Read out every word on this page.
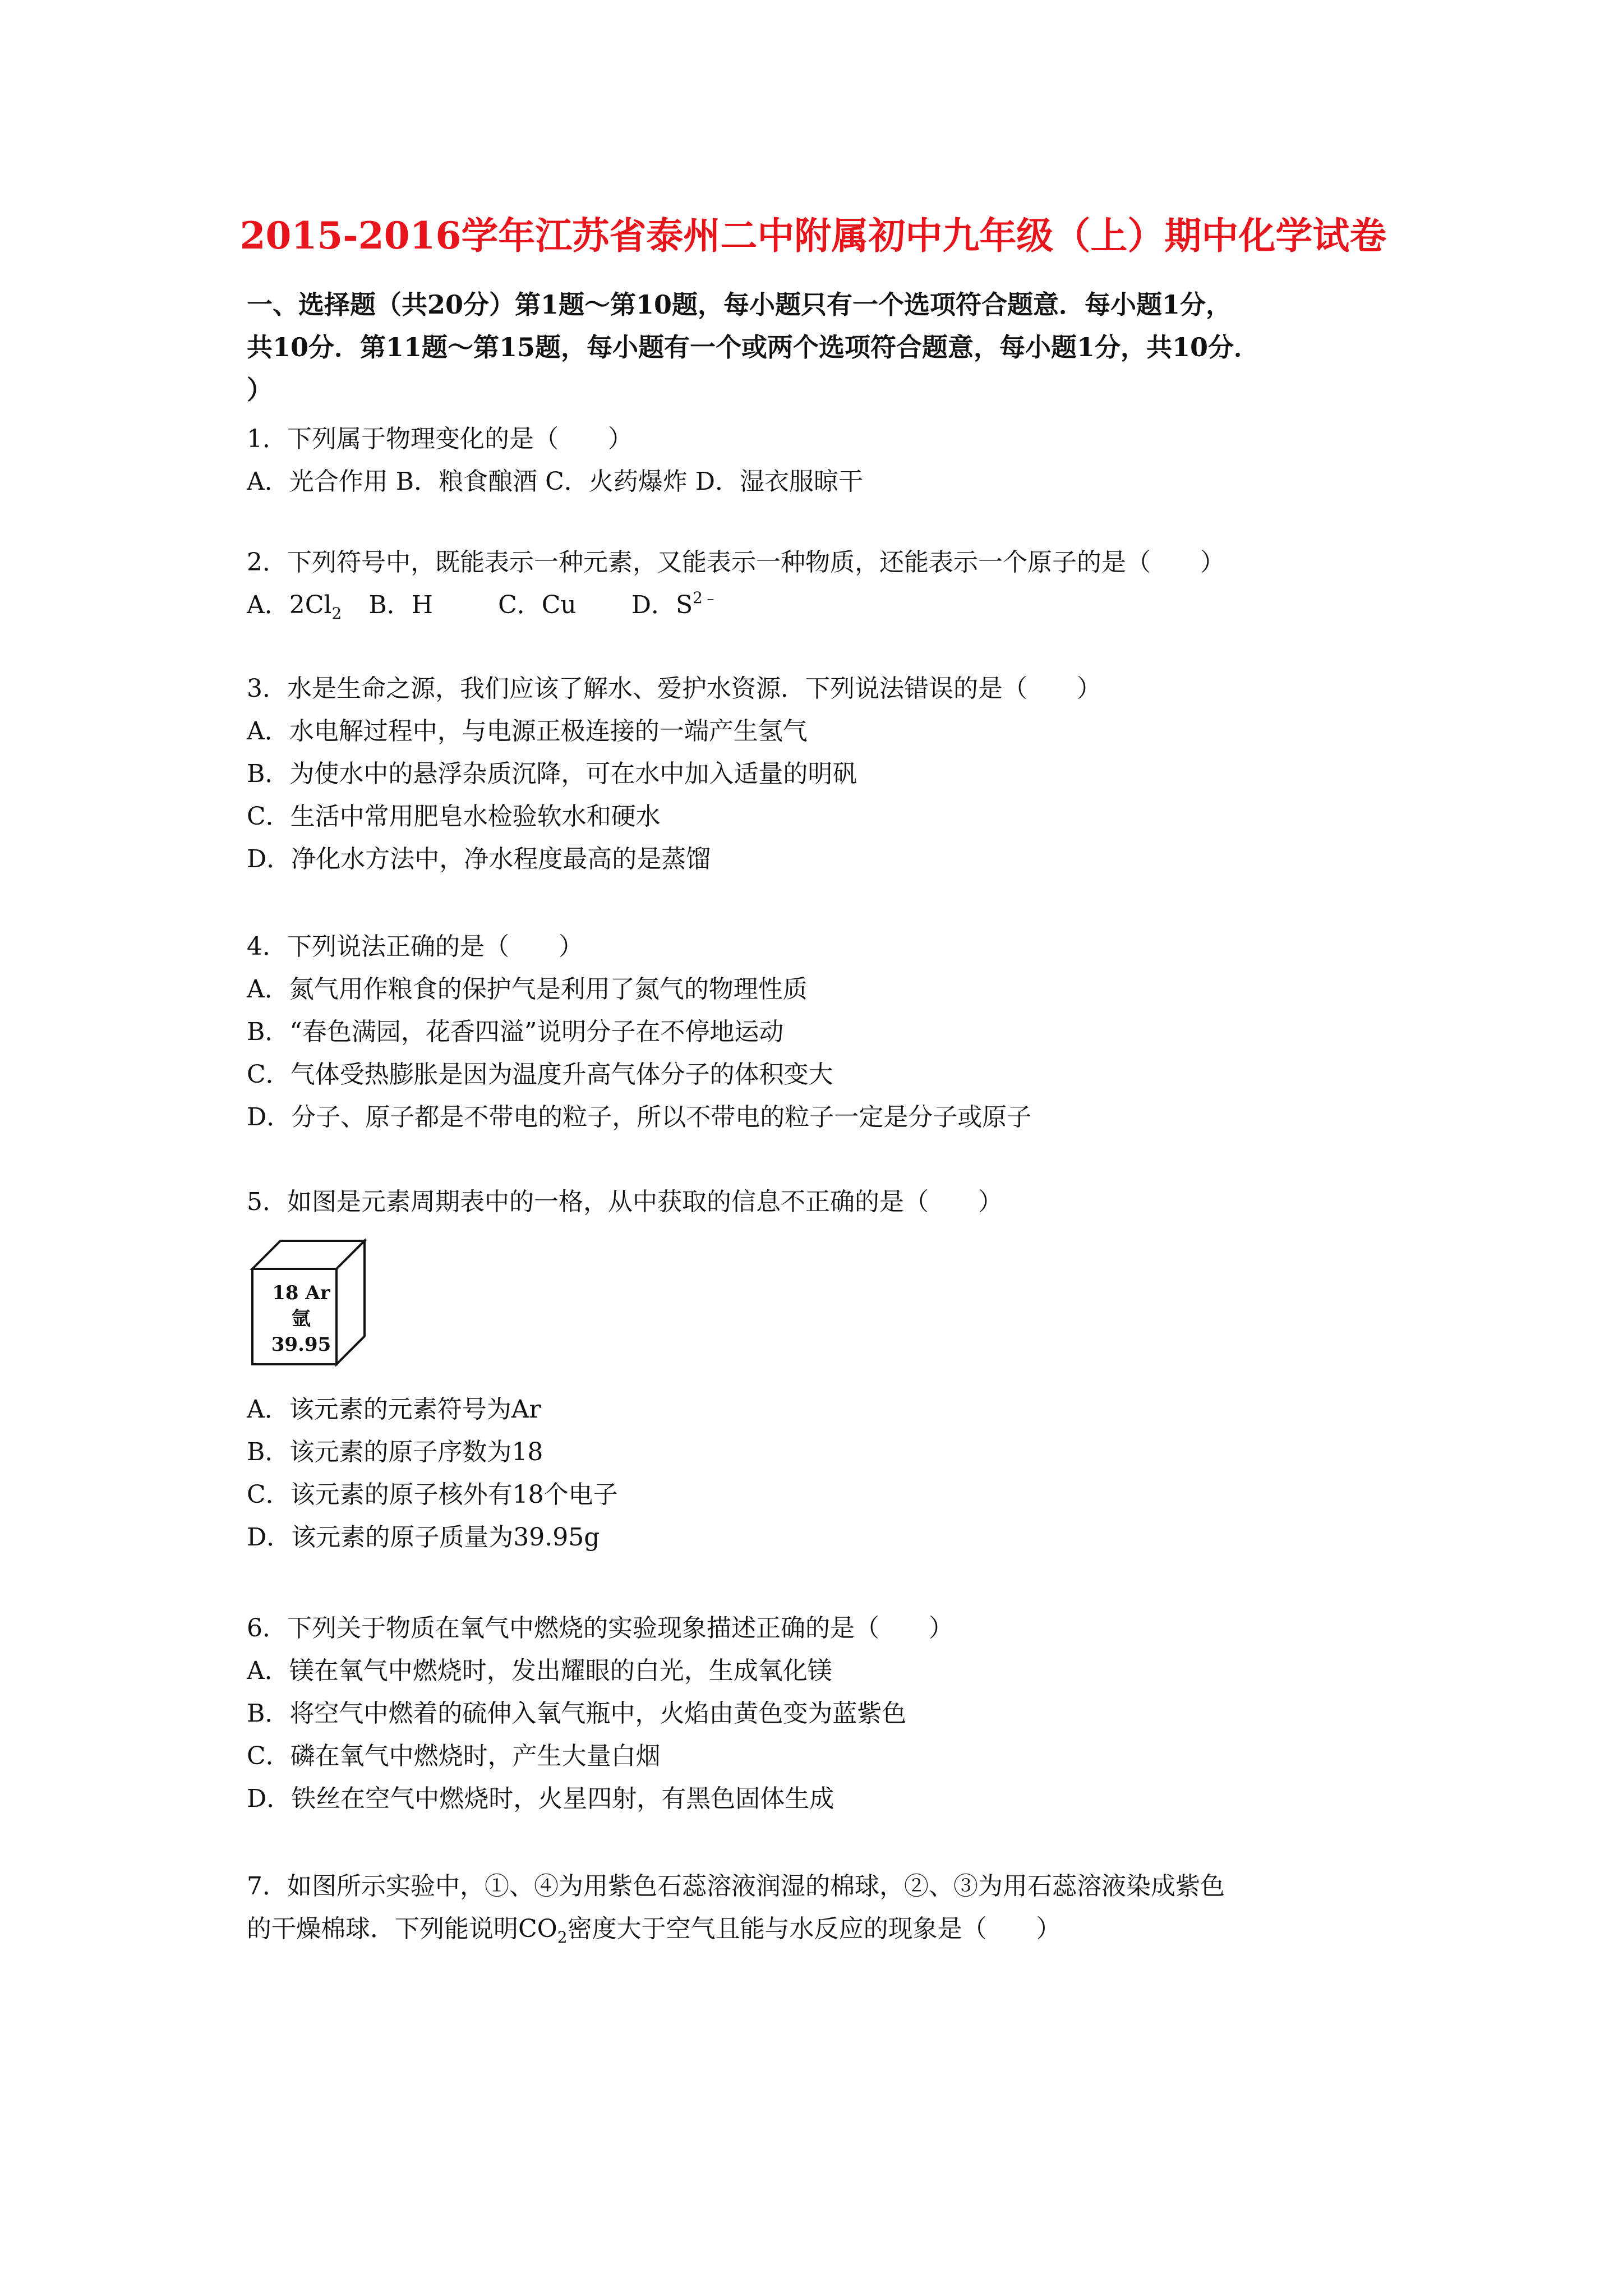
2015-2016学年江苏省泰州二中附属初中九年级（上）期中化学试卷
一、选择题（共20分）第1题～第10题，每小题只有一个选项符合题意．每小题1分，
共10分．第11题～第15题，每小题有一个或两个选项符合题意，每小题1分，共10分．
）
1．下列属于物理变化的是（　　）
A．光合作用 B．粮食酿酒 C．火药爆炸 D．湿衣服晾干
2．下列符号中，既能表示一种元素，又能表示一种物质，还能表示一个原子的是（　　）
A．$2Cl_2$ B．H	C．Cu D．$S^{2﹣}$
3．水是生命之源，我们应该了解水、爱护水资源．下列说法错误的是（　　）
A．水电解过程中，与电源正极连接的一端产生氢气
B．为使水中的悬浮杂质沉降，可在水中加入适量的明矾
C．生活中常用肥皂水检验软水和硬水
D．净化水方法中，净水程度最高的是蒸馏
4．下列说法正确的是（　　）
A．氮气用作粮食的保护气是利用了氮气的物理性质
B．“春色满园，花香四溢”说明分子在不停地运动
C．气体受热膨胀是因为温度升高气体分子的体积变大
D．分子、原子都是不带电的粒子，所以不带电的粒子一定是分子或原子
5．如图是元素周期表中的一格，从中获取的信息不正确的是（　　）
18 Ar
氩
39.95
A．该元素的元素符号为Ar
B．该元素的原子序数为18
C．该元素的原子核外有18个电子
D．该元素的原子质量为39.95g
6．下列关于物质在氧气中燃烧的实验现象描述正确的是（　　）
A．镁在氧气中燃烧时，发出耀眼的白光，生成氧化镁
B．将空气中燃着的硫伸入氧气瓶中，火焰由黄色变为蓝紫色
C．磷在氧气中燃烧时，产生大量白烟
D．铁丝在空气中燃烧时，火星四射，有黑色固体生成
7．如图所示实验中，①、④为用紫色石蕊溶液润湿的棉球，②、③为用石蕊溶液染成紫色
的干燥棉球．下列能说明$CO_2$密度大于空气且能与水反应的现象是（　　）
